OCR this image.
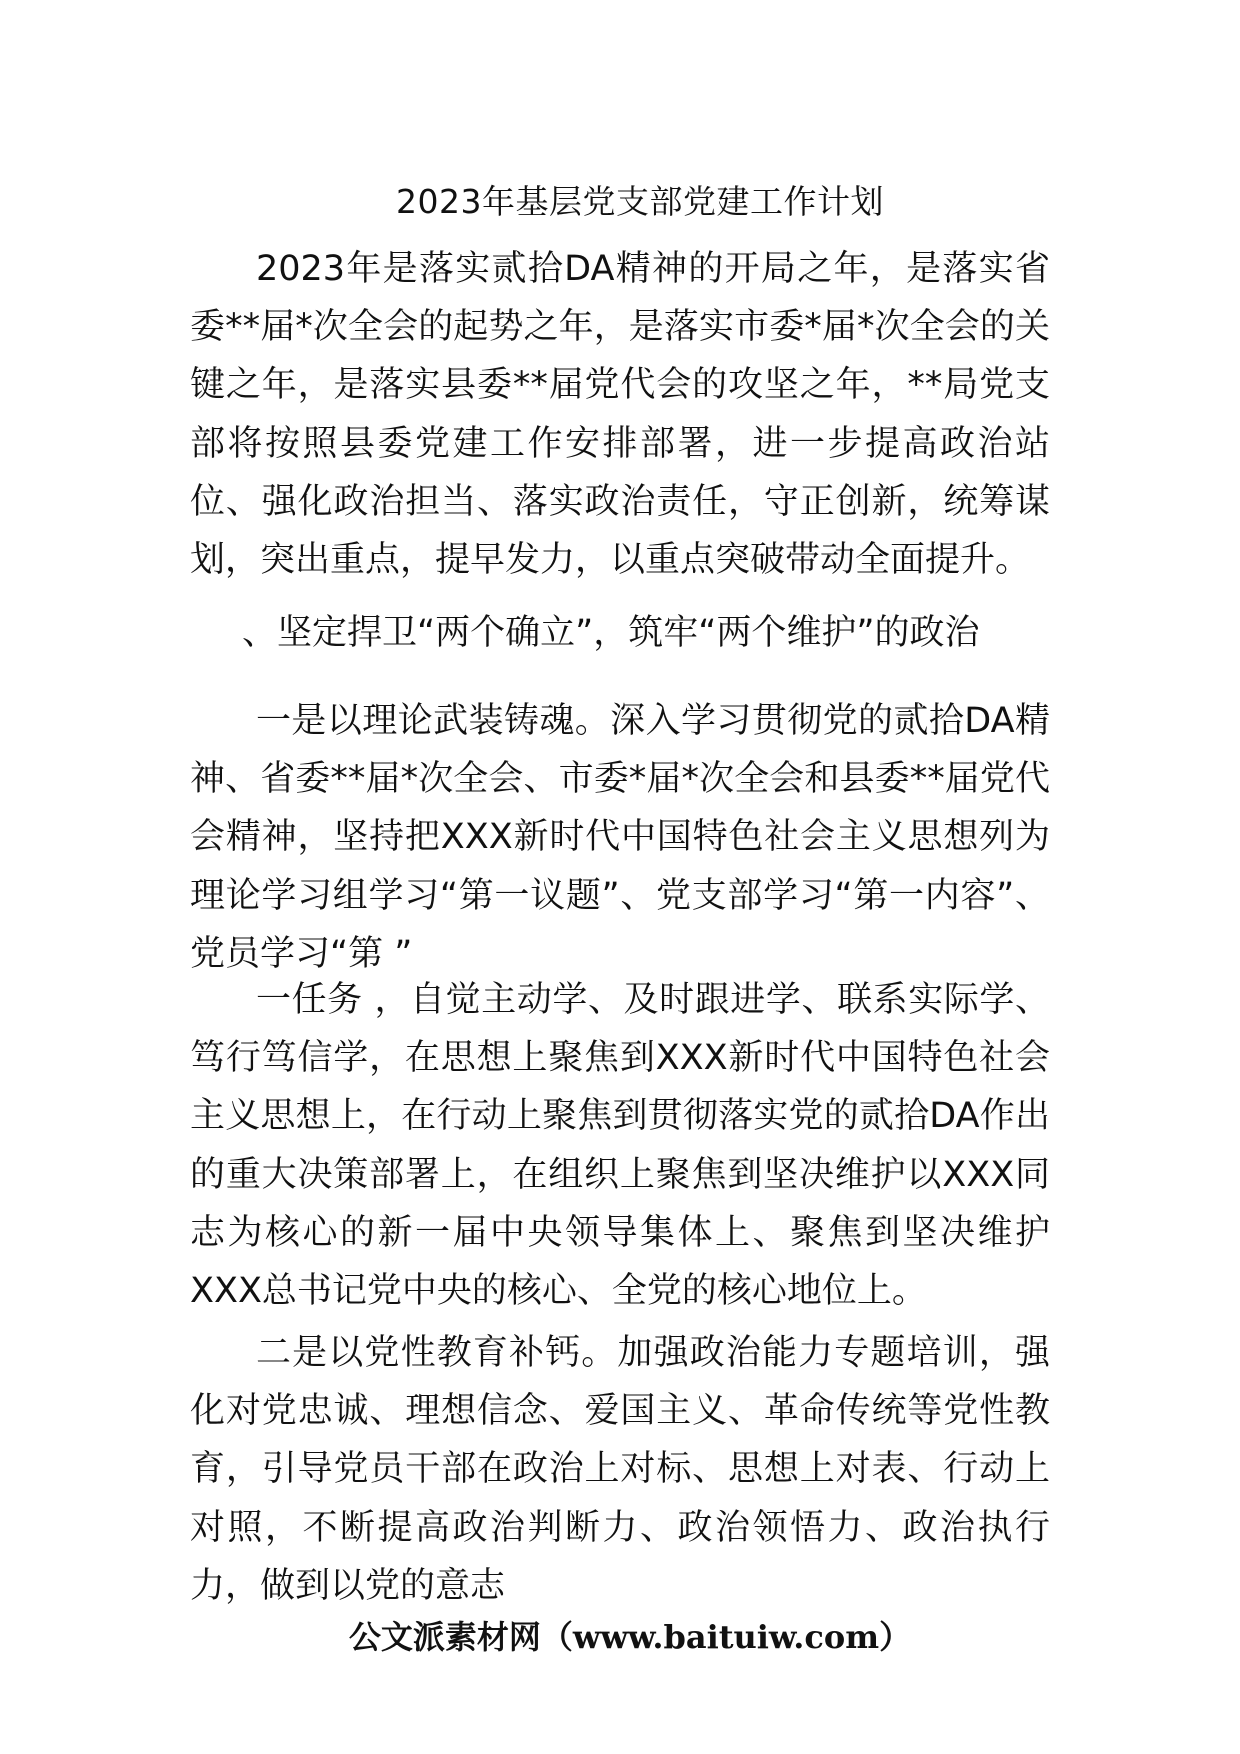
2023年基层党支部党建工作计划
2023年是落实贰拾DA精神的开局之年，是落实省委**届*次全会的起势之年，是落实市委*届*次全会的关键之年，是落实县委**届党代会的攻坚之年，**局党支部将按照县委党建工作安排部署，进一步提高政治站位、强化政治担当、落实政治责任，守正创新，统筹谋划，突出重点，提早发力，以重点突破带动全面提升。
、坚定捍卫“两个确立”，筑牢“两个维护”的政治
一是以理论武装铸魂。深入学习贯彻党的贰拾DA精神、省委**届*次全会、市委*届*次全会和县委**届党代会精神，坚持把XXX新时代中国特色社会主义思想列为理论学习组学习“第一议题”、党支部学习“第一内容”、党员学习“第 ”
一任务 ，自觉主动学、及时跟进学、联系实际学、笃行笃信学，在思想上聚焦到XXX新时代中国特色社会主义思想上，在行动上聚焦到贯彻落实党的贰拾DA作出的重大决策部署上，在组织上聚焦到坚决维护以XXX同志为核心的新一届中央领导集体上、聚焦到坚决维护XXX总书记党中央的核心、全党的核心地位上。
二是以党性教育补钙。加强政治能力专题培训，强化对党忠诚、理想信念、爱国主义、革命传统等党性教育，引导党员干部在政治上对标、思想上对表、行动上对照，不断提高政治判断力、政治领悟力、政治执行力，做到以党的意志
公文派素材网（www.baituiw.com）
